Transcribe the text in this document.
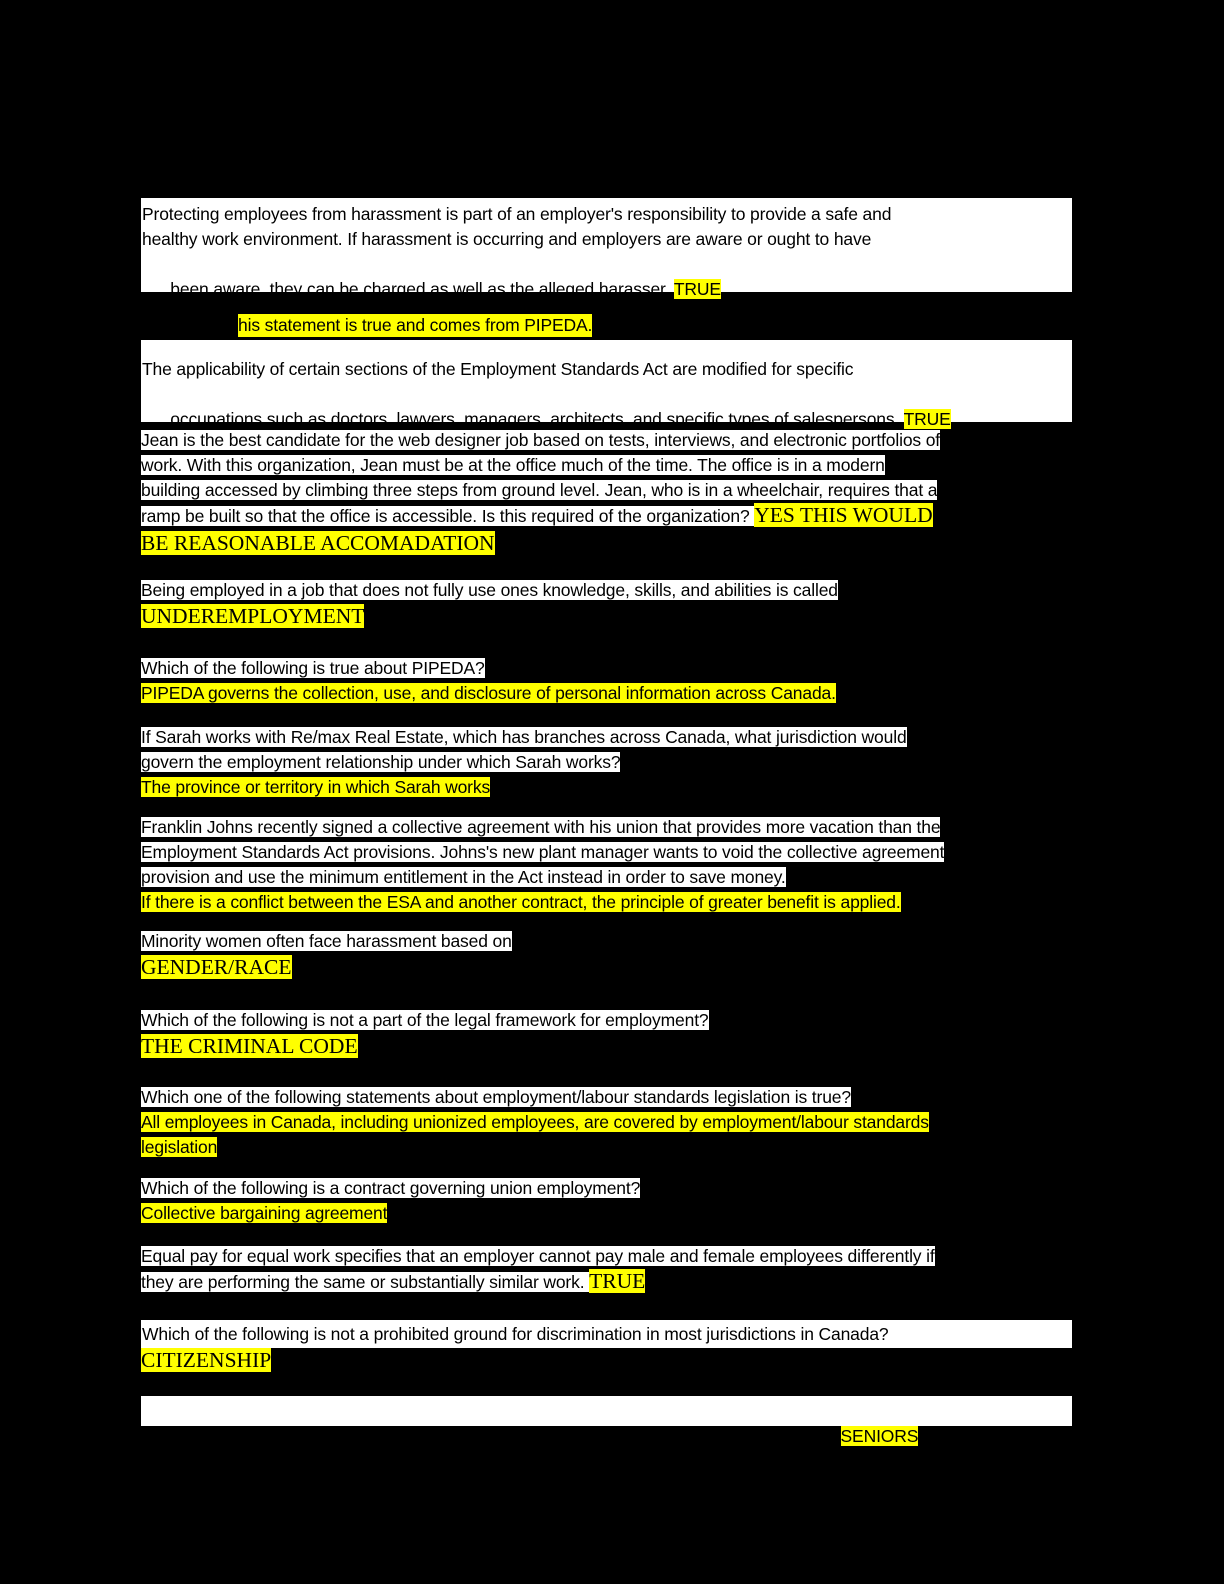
Protecting employees from harassment is part of an employer's responsibility to provide a safe and
healthy work environment. If harassment is occurring and employers are aware or ought to have

been aware, they can be charged as well as the alleged harasser. TRUE

his statement is true and comes from PIPEDA.
The applicability of certain sections of the Employment Standards Act are modified for specific

occupations such as doctors, lawyers, managers, architects, and specific types of salespersons. TRUE

Jean is the best candidate for the web designer job based on tests, interviews, and electronic portfolios of
work. With this organization, Jean must be at the office much of the time. The office is in a modern
building accessed by climbing three steps from ground level. Jean, who is in a wheelchair, requires that a
ramp be built so that the office is accessible. Is this required of the organization? YES THIS WOULD
BE REASONABLE ACCOMADATION
Being employed in a job that does not fully use ones knowledge, skills, and abilities is called
UNDEREMPLOYMENT
Which of the following is true about PIPEDA?
PIPEDA governs the collection, use, and disclosure of personal information across Canada.
If Sarah works with Re/max Real Estate, which has branches across Canada, what jurisdiction would
govern the employment relationship under which Sarah works?
The province or territory in which Sarah works
Franklin Johns recently signed a collective agreement with his union that provides more vacation than the
Employment Standards Act provisions. Johns's new plant manager wants to void the collective agreement
provision and use the minimum entitlement in the Act instead in order to save money.
If there is a conflict between the ESA and another contract, the principle of greater benefit is applied.
Minority women often face harassment based on
GENDER/RACE
Which of the following is not a part of the legal framework for employment?
THE CRIMINAL CODE
Which one of the following statements about employment/labour standards legislation is true?
All employees in Canada, including unionized employees, are covered by employment/labour standards
legislation
Which of the following is a contract governing union employment?
Collective bargaining agreement
Equal pay for equal work specifies that an employer cannot pay male and female employees differently if
they are performing the same or substantially similar work. TRUE
Which of the following is not a prohibited ground for discrimination in most jurisdictions in Canada?
CITIZENSHIP

The four designated groups referred to in the textbook include all of the following except SENIORS
